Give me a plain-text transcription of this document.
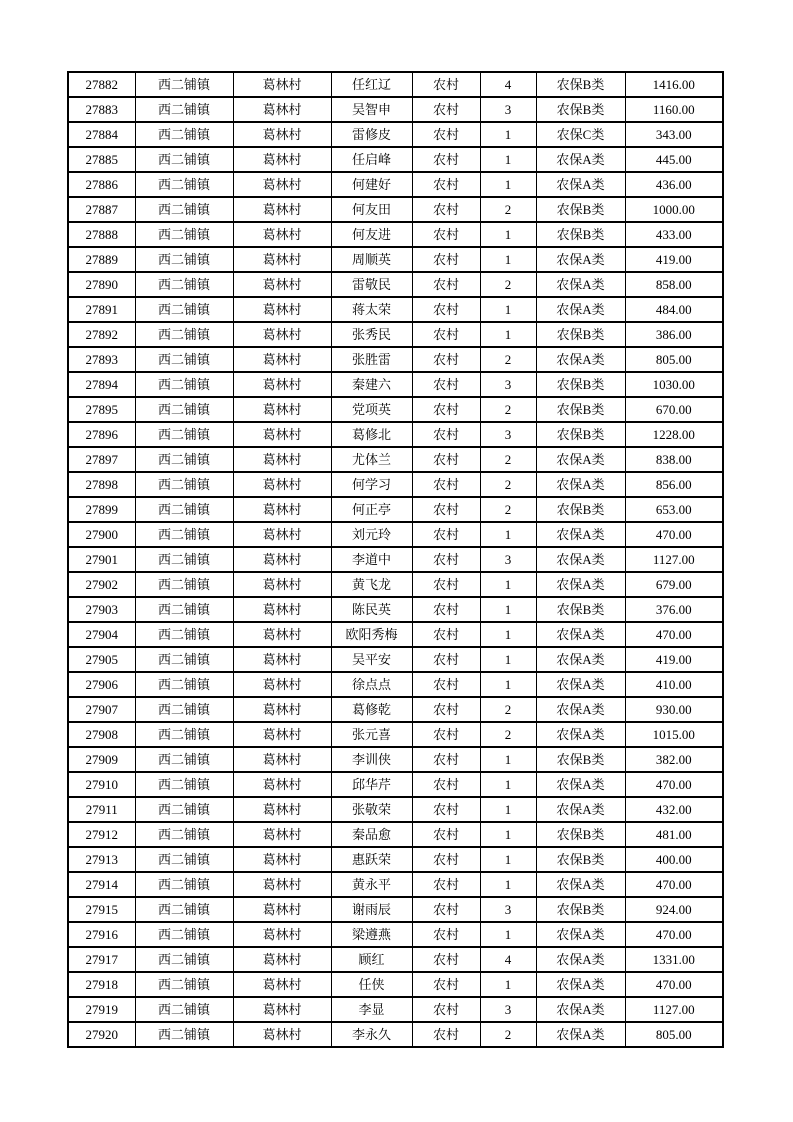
27882	西二铺镇	葛林村	任红辽	农村	4	农保B类	1416.00
27883	西二铺镇	葛林村	吴智申	农村	3	农保B类	1160.00
27884	西二铺镇	葛林村	雷修皮	农村	1	农保C类	343.00
27885	西二铺镇	葛林村	任启峰	农村	1	农保A类	445.00
27886	西二铺镇	葛林村	何建好	农村	1	农保A类	436.00
27887	西二铺镇	葛林村	何友田	农村	2	农保B类	1000.00
27888	西二铺镇	葛林村	何友进	农村	1	农保B类	433.00
27889	西二铺镇	葛林村	周顺英	农村	1	农保A类	419.00
27890	西二铺镇	葛林村	雷敬民	农村	2	农保A类	858.00
27891	西二铺镇	葛林村	蒋太荣	农村	1	农保A类	484.00
27892	西二铺镇	葛林村	张秀民	农村	1	农保B类	386.00
27893	西二铺镇	葛林村	张胜雷	农村	2	农保A类	805.00
27894	西二铺镇	葛林村	秦建六	农村	3	农保B类	1030.00
27895	西二铺镇	葛林村	党项英	农村	2	农保B类	670.00
27896	西二铺镇	葛林村	葛修北	农村	3	农保B类	1228.00
27897	西二铺镇	葛林村	尤体兰	农村	2	农保A类	838.00
27898	西二铺镇	葛林村	何学习	农村	2	农保A类	856.00
27899	西二铺镇	葛林村	何正亭	农村	2	农保B类	653.00
27900	西二铺镇	葛林村	刘元玲	农村	1	农保A类	470.00
27901	西二铺镇	葛林村	李道中	农村	3	农保A类	1127.00
27902	西二铺镇	葛林村	黄飞龙	农村	1	农保A类	679.00
27903	西二铺镇	葛林村	陈民英	农村	1	农保B类	376.00
27904	西二铺镇	葛林村	欧阳秀梅	农村	1	农保A类	470.00
27905	西二铺镇	葛林村	吴平安	农村	1	农保A类	419.00
27906	西二铺镇	葛林村	徐点点	农村	1	农保A类	410.00
27907	西二铺镇	葛林村	葛修乾	农村	2	农保A类	930.00
27908	西二铺镇	葛林村	张元喜	农村	2	农保A类	1015.00
27909	西二铺镇	葛林村	李训侠	农村	1	农保B类	382.00
27910	西二铺镇	葛林村	邱华芹	农村	1	农保A类	470.00
27911	西二铺镇	葛林村	张敬荣	农村	1	农保A类	432.00
27912	西二铺镇	葛林村	秦品愈	农村	1	农保B类	481.00
27913	西二铺镇	葛林村	惠跃荣	农村	1	农保B类	400.00
27914	西二铺镇	葛林村	黄永平	农村	1	农保A类	470.00
27915	西二铺镇	葛林村	谢雨辰	农村	3	农保B类	924.00
27916	西二铺镇	葛林村	梁遵燕	农村	1	农保A类	470.00
27917	西二铺镇	葛林村	顾红	农村	4	农保A类	1331.00
27918	西二铺镇	葛林村	任侠	农村	1	农保A类	470.00
27919	西二铺镇	葛林村	李显	农村	3	农保A类	1127.00
27920	西二铺镇	葛林村	李永久	农村	2	农保A类	805.00
